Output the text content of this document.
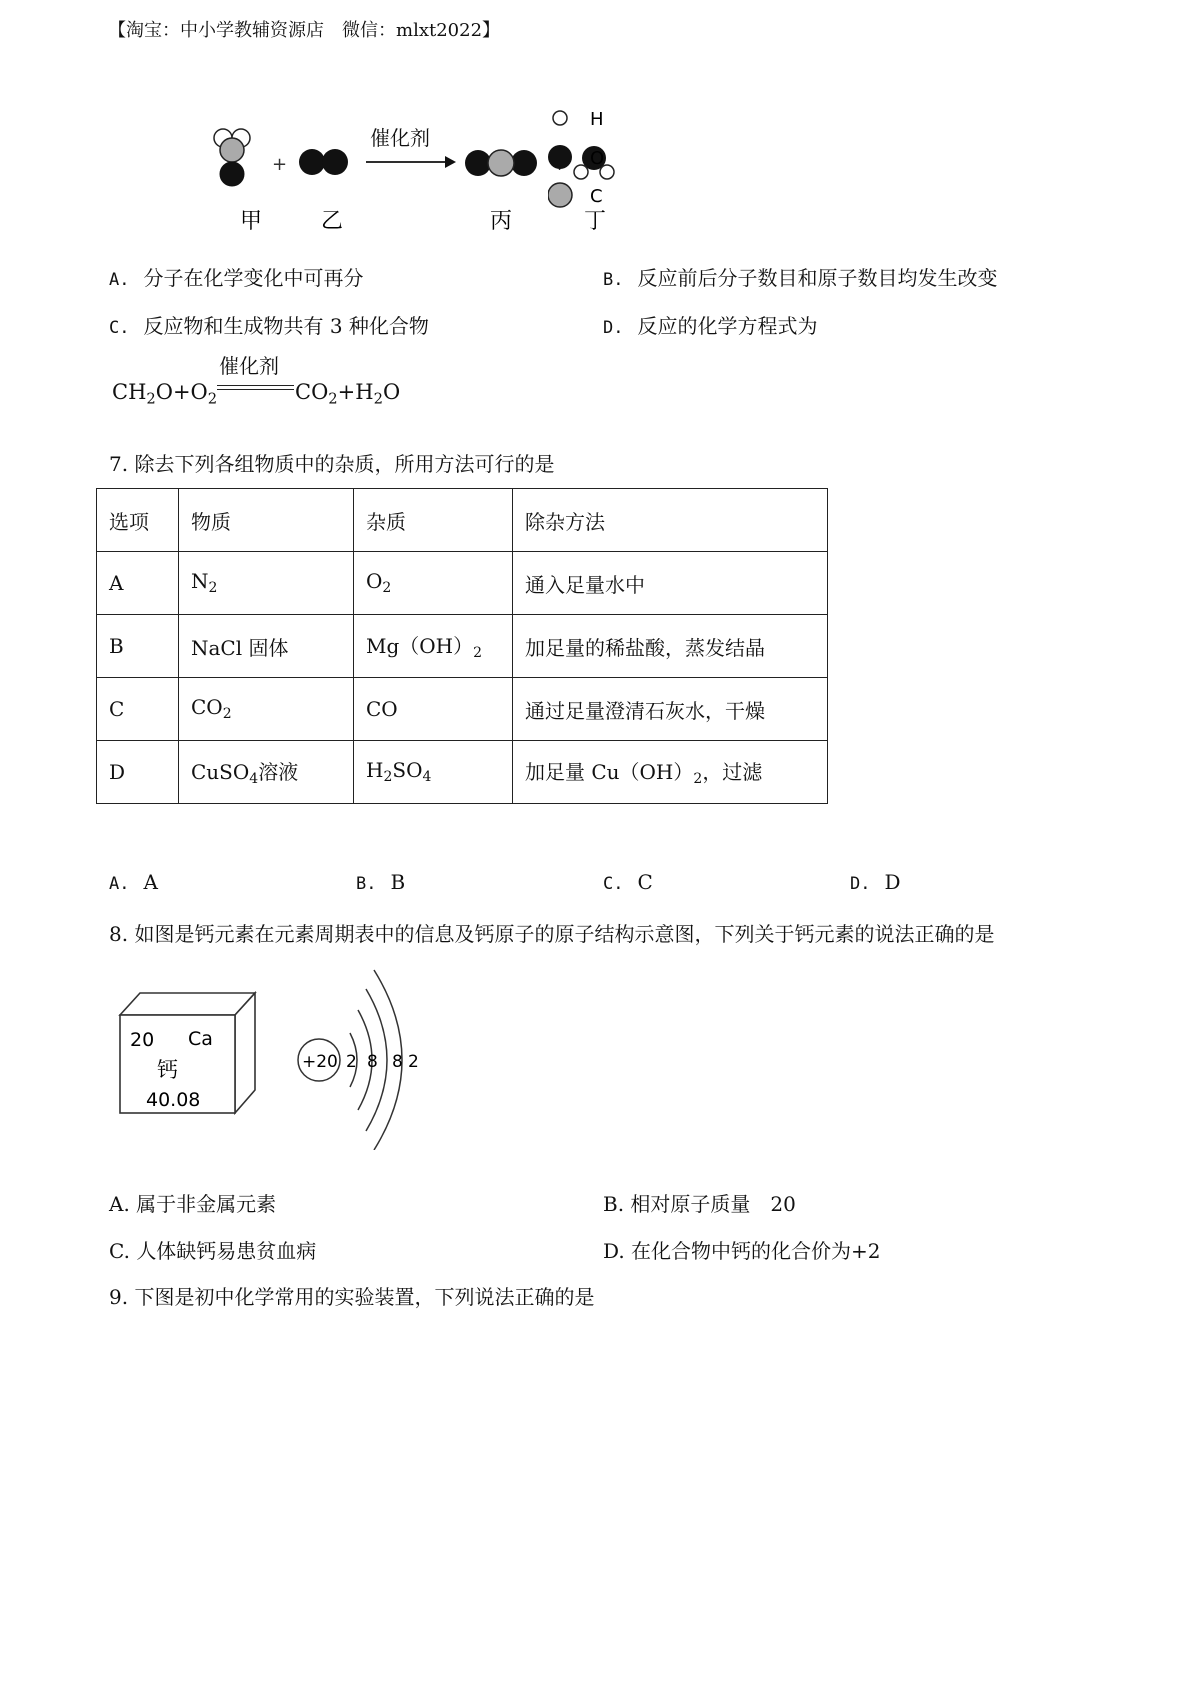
【淘宝：中小学教辅资源店　微信：mlxt2022】
+
催化剂
甲	乙	丙	丁
H
O
C
A. 分子在化学变化中可再分	B. 反应前后分子数目和原子数目均发生改变
C. 反应物和生成物共有 3 种化合物	D. 反应的化学方程式为
催化剂
$CH_2O+O_2$	$CO_2+H_2O$
7. 除去下列各组物质中的杂质，所用方法可行的是
选项	物质	杂质	除杂方法
A	$N_2$	$O_2$	通入足量水中
B	NaCl 固体	$Mg(OH)_2$	加足量的稀盐酸，蒸发结晶
C	$CO_2$	CO	通过足量澄清石灰水，干燥
D	CuSO$_4$溶液	$H_2SO_4$	加足量 $Cu(OH)_2$，过滤
A. A	B. B	C. C	D. D
8. 如图是钙元素在元素周期表中的信息及钙原子的原子结构示意图，下列关于钙元素的说法正确的是
20 Ca
钙
40.08
+20 2 8 8 2
A. 属于非金属元素	B. 相对原子质量　20
C. 人体缺钙易患贫血病	D. 在化合物中钙的化合价为+2
9. 下图是初中化学常用的实验装置，下列说法正确的是
